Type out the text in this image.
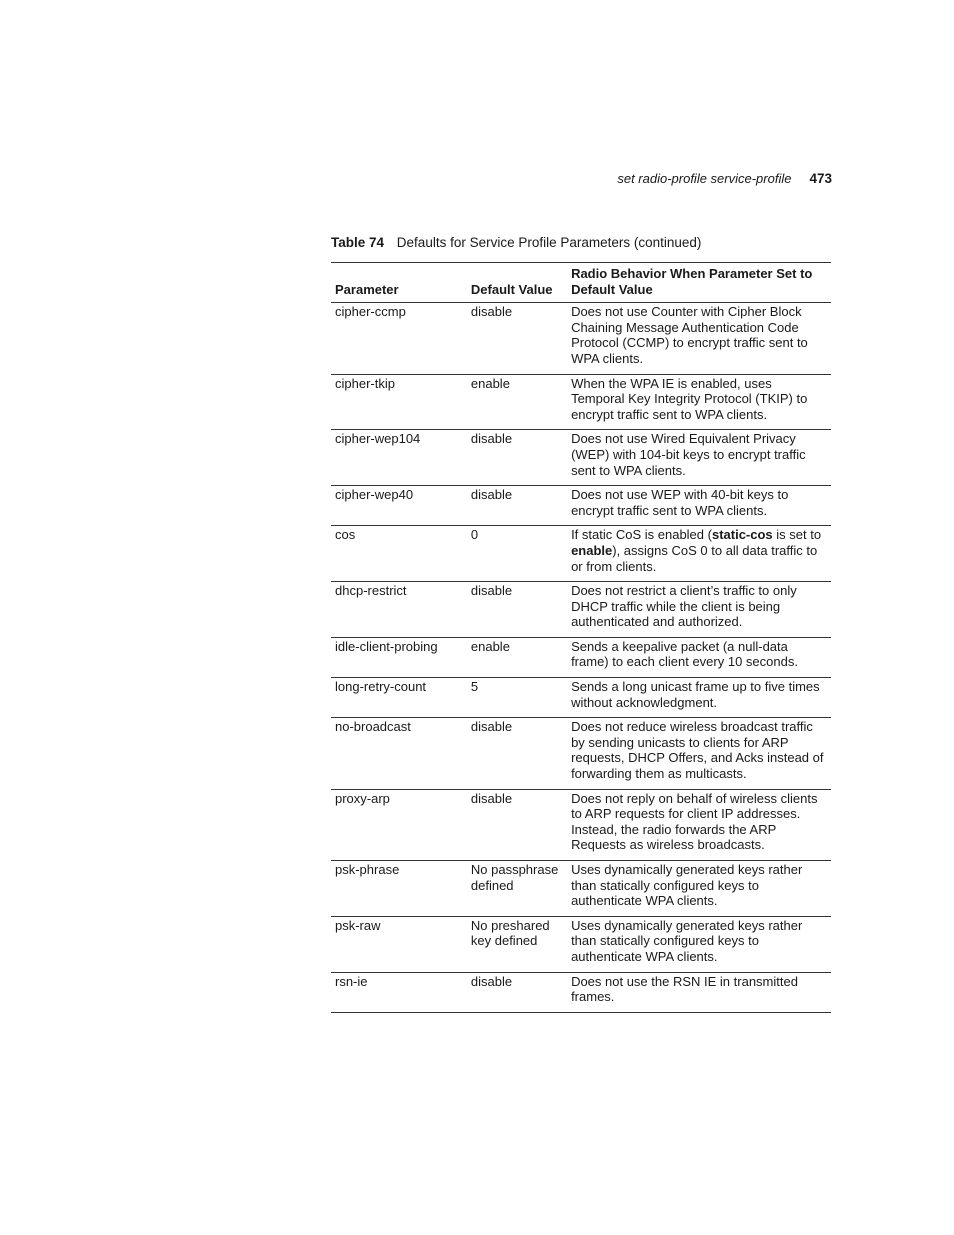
set radio-profile service-profile 473
Table 74 Defaults for Service Profile Parameters (continued)
Parameter	Default Value	Radio Behavior When Parameter Set to Default Value
cipher-ccmp	disable	Does not use Counter with Cipher Block Chaining Message Authentication Code Protocol (CCMP) to encrypt traffic sent to WPA clients.
cipher-tkip	enable	When the WPA IE is enabled, uses Temporal Key Integrity Protocol (TKIP) to encrypt traffic sent to WPA clients.
cipher-wep104	disable	Does not use Wired Equivalent Privacy (WEP) with 104-bit keys to encrypt traffic sent to WPA clients.
cipher-wep40	disable	Does not use WEP with 40-bit keys to encrypt traffic sent to WPA clients.
cos	0	If static CoS is enabled (static-cos is set to enable), assigns CoS 0 to all data traffic to or from clients.
dhcp-restrict	disable	Does not restrict a client’s traffic to only DHCP traffic while the client is being authenticated and authorized.
idle-client-probing	enable	Sends a keepalive packet (a null-data frame) to each client every 10 seconds.
long-retry-count	5	Sends a long unicast frame up to five times without acknowledgment.
no-broadcast	disable	Does not reduce wireless broadcast traffic by sending unicasts to clients for ARP requests, DHCP Offers, and Acks instead of forwarding them as multicasts.
proxy-arp	disable	Does not reply on behalf of wireless clients to ARP requests for client IP addresses. Instead, the radio forwards the ARP Requests as wireless broadcasts.
psk-phrase	No passphrase defined	Uses dynamically generated keys rather than statically configured keys to authenticate WPA clients.
psk-raw	No preshared key defined	Uses dynamically generated keys rather than statically configured keys to authenticate WPA clients.
rsn-ie	disable	Does not use the RSN IE in transmitted frames.
